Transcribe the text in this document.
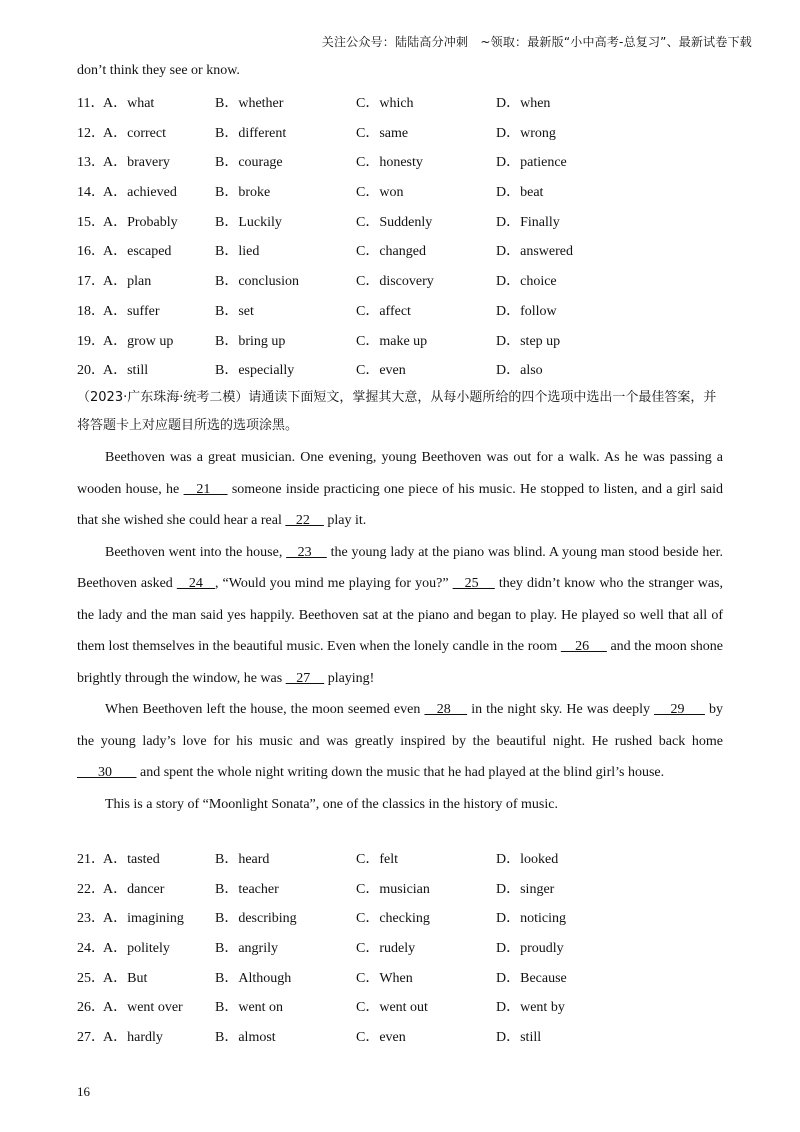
关注公众号：陆陆高分冲刺　~领取：最新版“小中高考-总复习”、最新试卷下载
don’t think they see or know.
11．
A．what	B．whether	C．which	D．when
12．
A．correct	B．different	C．same	D．wrong
13．
A．bravery	B．courage	C．honesty	D．patience
14．
A．achieved	B．broke	C．won	D．beat
15．
A．Probably	B．Luckily	C．Suddenly	D．Finally
16．
A．escaped	B．lied	C．changed	D．answered
17．
A．plan	B．conclusion	C．discovery	D．choice
18．
A．suffer	B．set	C．affect	D．follow
19．
A．grow up	B．bring up	C．make up	D．step up
20．
A．still	B．especially	C．even	D．also
（2023·广东珠海·统考二模）请通读下面短文，掌握其大意，从每小题所给的四个选项中选出一个最佳答案，并将答题卡上对应题目所选的选项涂黑。

Beethoven was a great musician. One evening, young Beethoven was out for a walk. As he was passing a wooden house, he    21     someone inside practicing one piece of his music. He stopped to listen, and a girl said that she wished she could hear a real    22     play it.

Beethoven went into the house,    23     the young lady at the piano was blind. A young man stood beside her. Beethoven asked    24   , “Would you mind me playing for you?”    25     they didn’t know who the stranger was, the lady and the man said yes happily. Beethoven sat at the piano and began to play. He played so well that all of them lost themselves in the beautiful music. Even when the lonely candle in the room     26      and the moon shone brightly through the window, he was    27     playing!

When Beethoven left the house, the moon seemed even    28     in the night sky. He was deeply     29      by the young lady’s love for his music and was greatly inspired by the beautiful night. He rushed back home       30        and spent the whole night writing down the music that he had played at the blind girl’s house.

This is a story of “Moonlight Sonata”, one of the classics in the history of music.

21．
A．tasted	B．heard	C．felt	D．looked
22．
A．dancer	B．teacher	C．musician	D．singer
23．
A．imagining B．describing	C．checking	D．noticing
24．
A．politely	B．angrily	C．rudely	D．proudly
25．
A．But	B．Although	C．When	D．Because
26．
A．went over B．went on	C．went out	D．went by
27．
A．hardly	B．almost	C．even	D．still
16
